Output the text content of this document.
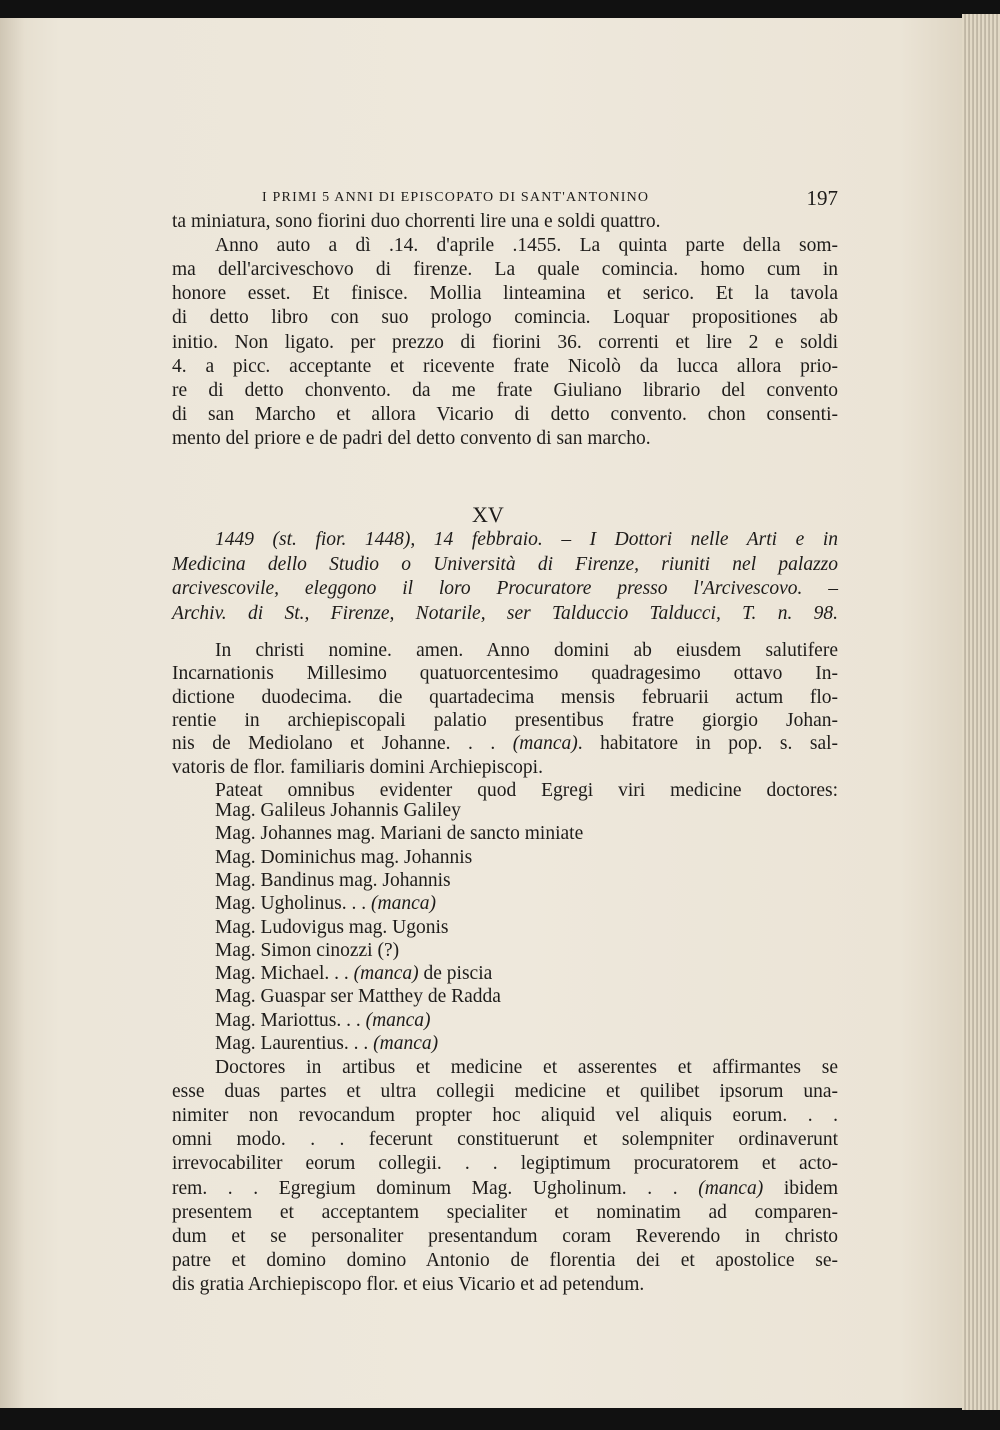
I PRIMI 5 ANNI DI EPISCOPATO DI SANT'ANTONINO	197
XV
ta miniatura, sono fiorini duo chorrenti lire una e soldi quattro.
Anno auto a dì .14. d'aprile .1455. La quinta parte della som-
ma dell'arciveschovo di firenze. La quale comincia. homo cum in
honore esset. Et finisce. Mollia linteamina et serico. Et la tavola
di detto libro con suo prologo comincia. Loquar propositiones ab
initio. Non ligato. per prezzo di fiorini 36. correnti et lire 2 e soldi
4. a picc. acceptante et ricevente frate Nicolò da lucca allora prio-
re di detto chonvento. da me frate Giuliano librario del convento
di san Marcho et allora Vicario di detto convento. chon consenti-
mento del priore e de padri del detto convento di san marcho.
1449 (st. fior. 1448), 14 febbraio. – I Dottori nelle Arti e in
Medicina dello Studio o Università di Firenze, riuniti nel palazzo
arcivescovile, eleggono il loro Procuratore presso l'Arcivescovo. –
Archiv. di St., Firenze, Notarile, ser Talduccio Talducci, T. n. 98.
In christi nomine. amen. Anno domini ab eiusdem salutifere
Incarnationis Millesimo quatuorcentesimo quadragesimo ottavo In-
dictione duodecima. die quartadecima mensis februarii actum flo-
rentie in archiepiscopali palatio presentibus fratre giorgio Johan-
nis de Mediolano et Johanne. . . (manca). habitatore in pop. s. sal-
vatoris de flor. familiaris domini Archiepiscopi.
Pateat omnibus evidenter quod Egregi viri medicine doctores:
Mag. Galileus Johannis Galiley
Mag. Johannes mag. Mariani de sancto miniate
Mag. Dominichus mag. Johannis
Mag. Bandinus mag. Johannis
Mag. Ugholinus. . . (manca)
Mag. Ludovigus mag. Ugonis
Mag. Simon cinozzi (?)
Mag. Michael. . . (manca) de piscia
Mag. Guaspar ser Matthey de Radda
Mag. Mariottus. . . (manca)
Mag. Laurentius. . . (manca)
Doctores in artibus et medicine et asserentes et affirmantes se
esse duas partes et ultra collegii medicine et quilibet ipsorum una-
nimiter non revocandum propter hoc aliquid vel aliquis eorum. . .
omni modo. . . fecerunt constituerunt et solempniter ordinaverunt
irrevocabiliter eorum collegii. . . legiptimum procuratorem et acto-
rem. . . Egregium dominum Mag. Ugholinum. . . (manca) ibidem
presentem et acceptantem specialiter et nominatim ad comparen-
dum et se personaliter presentandum coram Reverendo in christo
patre et domino domino Antonio de florentia dei et apostolice se-
dis gratia Archiepiscopo flor. et eius Vicario et ad petendum.
